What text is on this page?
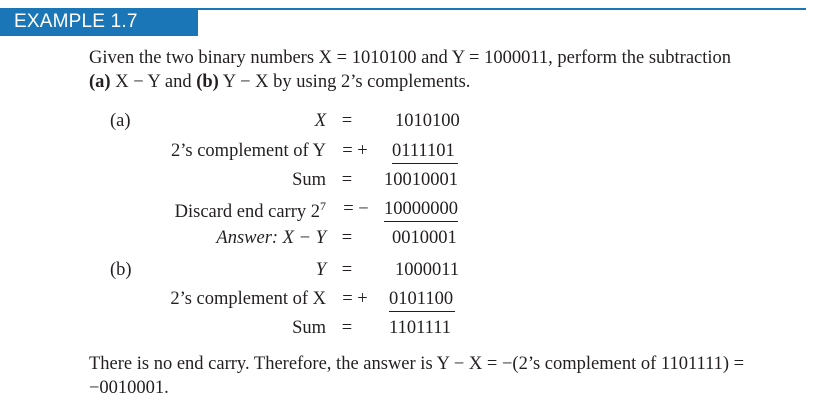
EXAMPLE 1.7
Given the two binary numbers X = 1010100 and Y = 1000011, perform the subtraction
(a) X − Y and (b) Y − X by using 2’s complements.
(a)	X =	1010100
2’s complement of Y = +	0111101
Sum =	10010001
Discard end carry $2^7$ = − 10000000
Answer: X − Y =	0010001
(b)	Y =	1000011
2’s complement of X = +	0101100
Sum =	1101111
There is no end carry. Therefore, the answer is Y − X = −(2’s complement of 1101111) =
−0010001.
